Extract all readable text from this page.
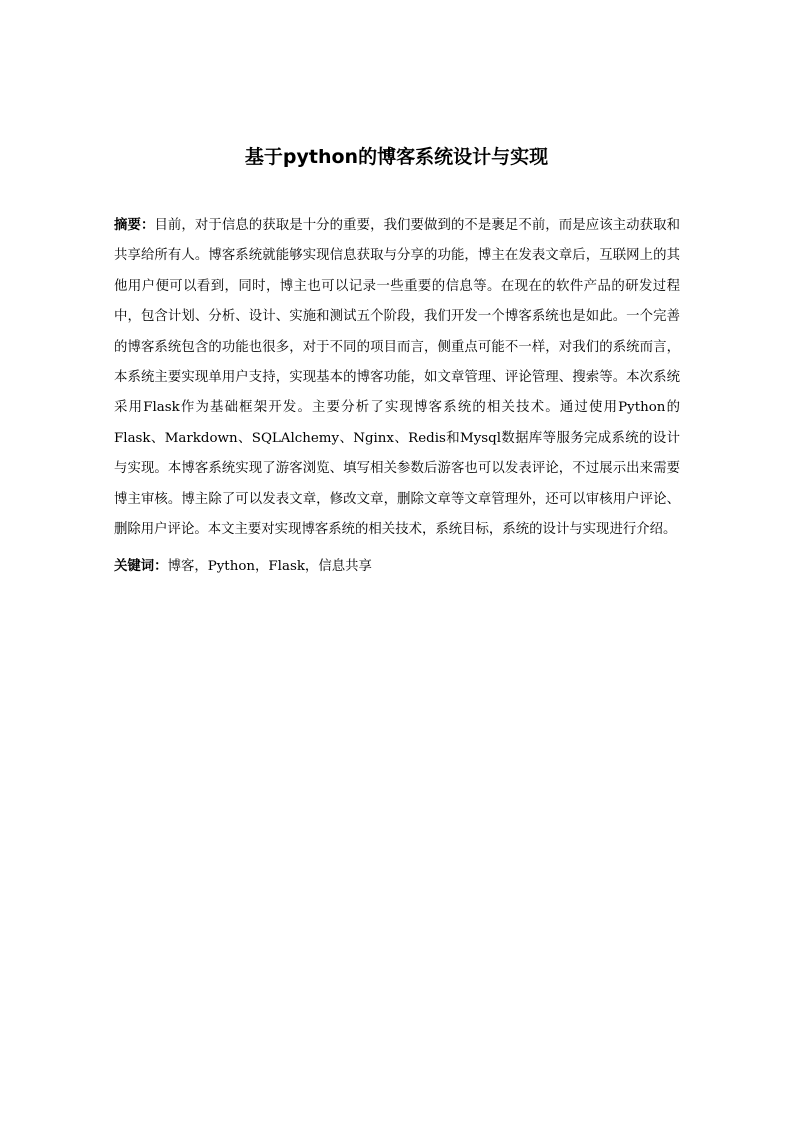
基于python的博客系统设计与实现

摘要：目前，对于信息的获取是十分的重要，我们要做到的不是裹足不前，而是应该主动获取和共享给所有人。博客系统就能够实现信息获取与分享的功能，博主在发表文章后，互联网上的其他用户便可以看到，同时，博主也可以记录一些重要的信息等。在现在的软件产品的研发过程中，包含计划、分析、设计、实施和测试五个阶段，我们开发一个博客系统也是如此。一个完善的博客系统包含的功能也很多，对于不同的项目而言，侧重点可能不一样，对我们的系统而言，本系统主要实现单用户支持，实现基本的博客功能，如文章管理、评论管理、搜索等。本次系统采用Flask作为基础框架开发。主要分析了实现博客系统的相关技术。通过使用Python的Flask、Markdown、SQLAlchemy、Nginx、Redis和Mysql数据库等服务完成系统的设计与实现。本博客系统实现了游客浏览、填写相关参数后游客也可以发表评论，不过展示出来需要博主审核。博主除了可以发表文章，修改文章，删除文章等文章管理外，还可以审核用户评论、删除用户评论。本文主要对实现博客系统的相关技术，系统目标，系统的设计与实现进行介绍。

关键词：博客，Python，Flask，信息共享
